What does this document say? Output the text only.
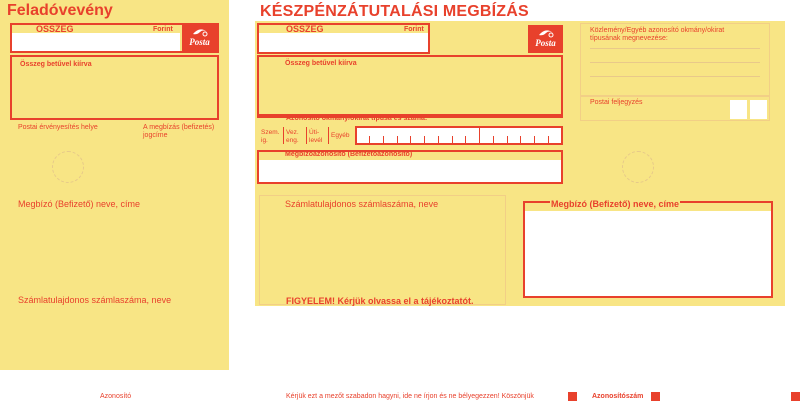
Feladóvevény
ÖSSZEG	Forint
Posta
Összeg betűvel kiírva
Postai érvényesítés helye	A megbízás (befizetés)
jogcíme
Megbízó (Befizető) neve, címe
Számlatulajdonos számlaszáma, neve
KÉSZPÉNZÁTUTALÁSI MEGBÍZÁS
ÖSSZEG	Forint
Posta
Összeg betűvel kiírva
Azonosító okmány/okirat típusa és száma:
Szem.
ig.
Vez.
eng.
Úti-
levél
Egyéb
Megbízóazonosító (Befizetőazonosító)
Számlatulajdonos számlaszáma, neve	Megbízó (Befizető) neve, címe
FIGYELEM! Kérjük olvassa el a tájékoztatót.
Közlemény/Egyéb azonosító okmány/okirat
típusának megnevezése:
Postai feljegyzés
Azonosító	Kérjük ezt a mezőt szabadon hagyni, ide ne írjon és ne bélyegezzen! Köszönjük	Azonosítószám
